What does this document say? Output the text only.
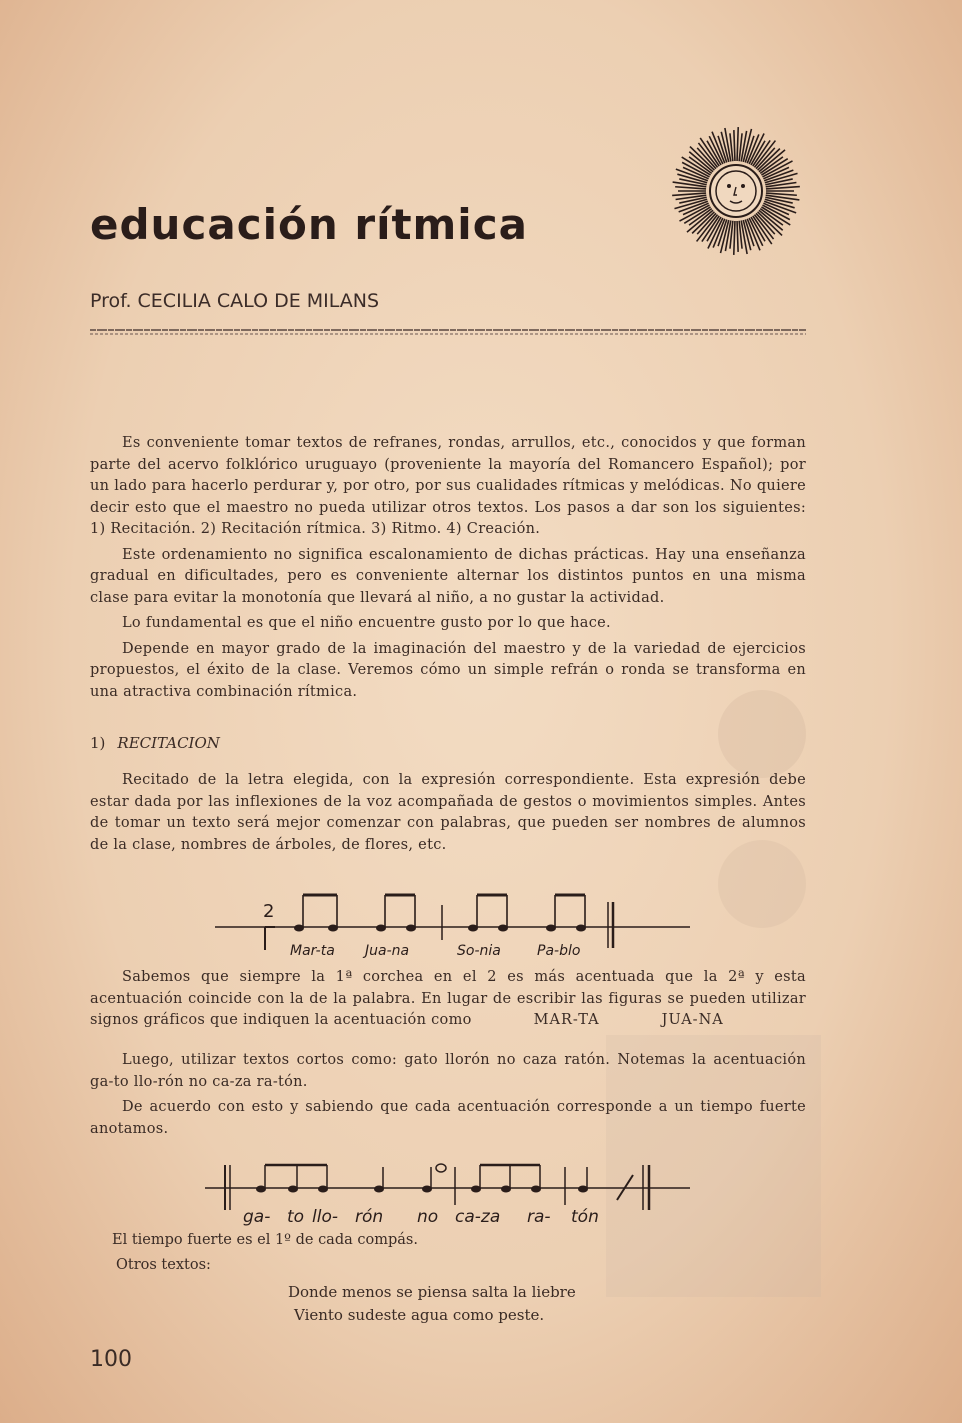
educación rítmica
Prof. CECILIA CALO DE MILANS

Es conveniente tomar textos de refranes, rondas, arrullos, etc., conocidos y que forman parte del acervo folklórico uruguayo (proveniente la mayoría del Romancero Español); por un lado para hacerlo perdurar y, por otro, por sus cualidades rítmicas y melódicas. No quiere decir esto que el maestro no pueda utilizar otros textos. Los pasos a dar son los siguientes: 1) Recitación. 2) Recitación rítmica. 3) Ritmo. 4) Creación.

Este ordenamiento no significa escalonamiento de dichas prácticas. Hay una enseñanza gradual en dificultades, pero es conveniente alternar los distintos puntos en una misma clase para evitar la monotonía que llevará al niño, a no gustar la actividad.

Lo fundamental es que el niño encuentre gusto por lo que hace.

Depende en mayor grado de la imaginación del maestro y de la variedad de ejercicios propuestos, el éxito de la clase. Veremos cómo un simple refrán o ronda se transforma en una atractiva combinación rítmica.

1) RECITACION

Recitado de la letra elegida, con la expresión correspondiente. Esta expresión debe estar dada por las inflexiones de la voz acompañada de gestos o movimientos simples. Antes de tomar un texto será mejor comenzar con palabras, que pueden ser nombres de alumnos de la clase, nombres de árboles, de flores, etc.

2
Mar-ta Jua-na	So-nia	Pa-blo

Sabemos que siempre la 1ª corchea en el 2 es más acentuada que la 2ª y esta acentuación coincide con la de la palabra. En lugar de escribir las figuras se pueden utilizar signos gráficos que indiquen la acentuación como	MAR-TA	JUA-NA

Luego, utilizar textos cortos como: gato llorón no caza ratón. Notemas la acentuación ga-to llo-rón no ca-za ra-tón.

De acuerdo con esto y sabiendo que cada acentuación corresponde a un tiempo fuerte anotamos.

ga- to llo- rón no ca-za ra- tón
El tiempo fuerte es el 1º de cada compás.
Otros textos:
Donde menos se piensa salta la liebre
Viento sudeste agua como peste.
100
